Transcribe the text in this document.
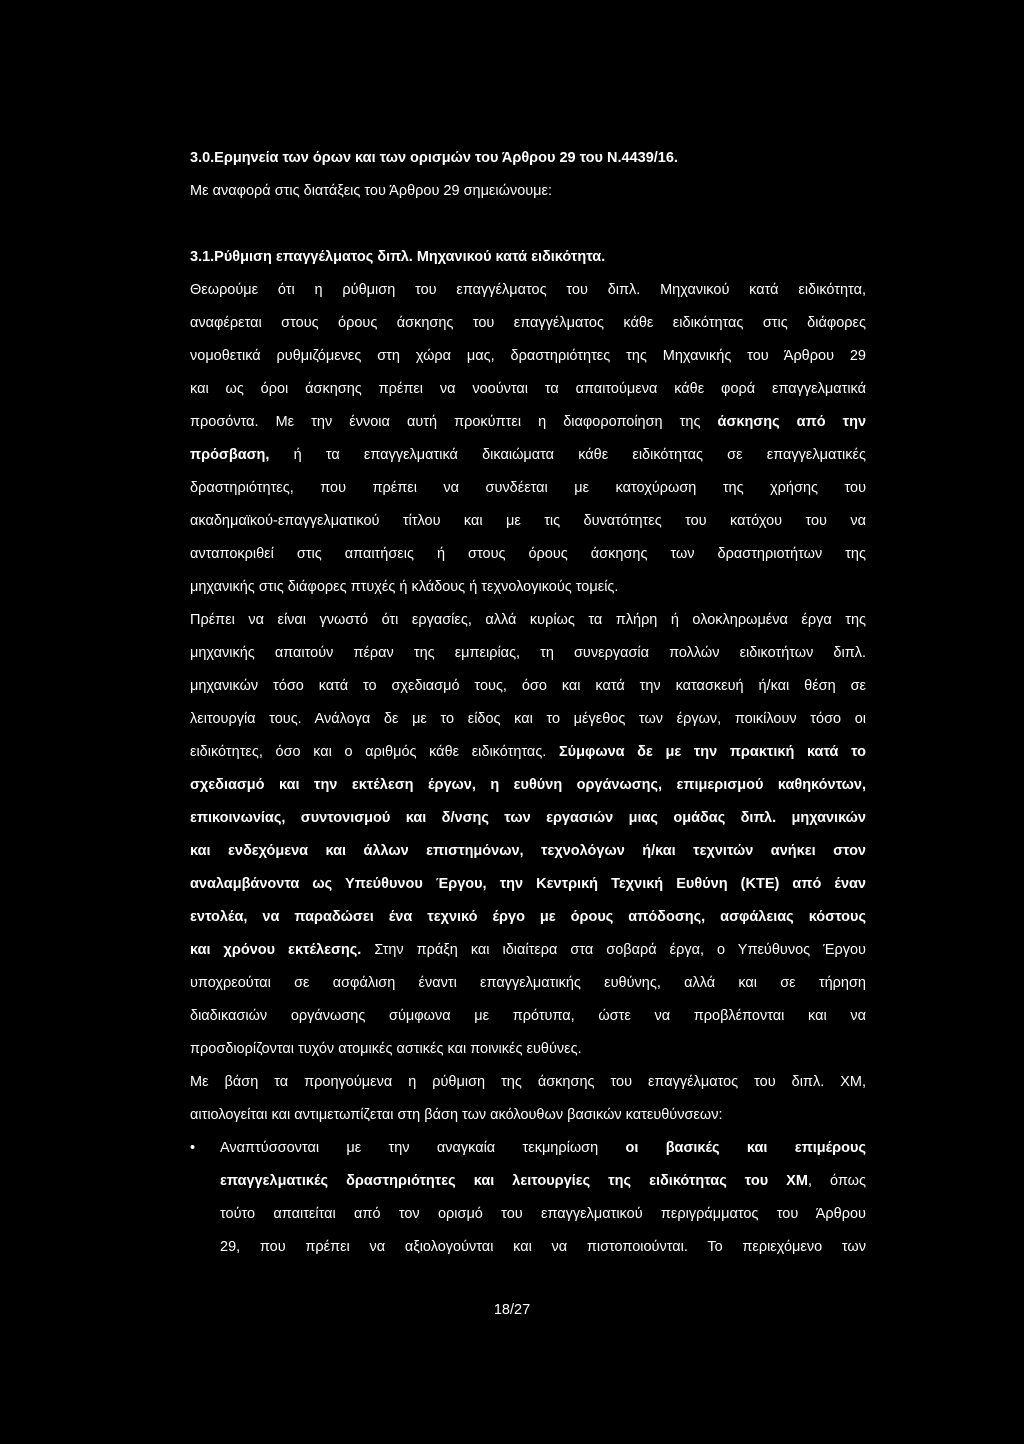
3.0.Ερμηνεία των όρων και των ορισμών του Άρθρου 29 του Ν.4439/16.
Με αναφορά στις διατάξεις του Άρθρου 29 σημειώνουμε:
3.1.Ρύθμιση επαγγέλματος διπλ. Μηχανικού κατά ειδικότητα.
Θεωρούμε ότι η ρύθμιση του επαγγέλματος του διπλ. Μηχανικού κατά ειδικότητα,
αναφέρεται στους όρους άσκησης του επαγγέλματος κάθε ειδικότητας στις διάφορες
νομοθετικά ρυθμιζόμενες στη χώρα μας, δραστηριότητες της Μηχανικής του Άρθρου 29
και ως όροι άσκησης πρέπει να νοούνται τα απαιτούμενα κάθε φορά επαγγελματικά
προσόντα. Με την έννοια αυτή προκύπτει η διαφοροποίηση της άσκησης από την
πρόσβαση, ή τα επαγγελματικά δικαιώματα κάθε ειδικότητας σε επαγγελματικές
δραστηριότητες, που πρέπει να συνδέεται με κατοχύρωση της χρήσης του
ακαδημαϊκού-επαγγελματικού τίτλου και με τις δυνατότητες του κατόχου του να
ανταποκριθεί στις απαιτήσεις ή στους όρους άσκησης των δραστηριοτήτων της
μηχανικής στις διάφορες πτυχές ή κλάδους ή τεχνολογικούς τομείς.
Πρέπει να είναι γνωστό ότι εργασίες, αλλά κυρίως τα πλήρη ή ολοκληρωμένα έργα της
μηχανικής απαιτούν πέραν της εμπειρίας, τη συνεργασία πολλών ειδικοτήτων διπλ.
μηχανικών τόσο κατά το σχεδιασμό τους, όσο και κατά την κατασκευή ή/και θέση σε
λειτουργία τους. Ανάλογα δε με το είδος και το μέγεθος των έργων, ποικίλουν τόσο οι
ειδικότητες, όσο και ο αριθμός κάθε ειδικότητας. Σύμφωνα δε με την πρακτική κατά το
σχεδιασμό και την εκτέλεση έργων, η ευθύνη οργάνωσης, επιμερισμού καθηκόντων,
επικοινωνίας, συντονισμού και δ/νσης των εργασιών μιας ομάδας διπλ. μηχανικών
και ενδεχόμενα και άλλων επιστημόνων, τεχνολόγων ή/και τεχνιτών ανήκει στον
αναλαμβάνοντα ως Υπεύθυνου Έργου, την Κεντρική Τεχνική Ευθύνη (ΚΤΕ) από έναν
εντολέα, να παραδώσει ένα τεχνικό έργο με όρους απόδοσης, ασφάλειας κόστους
και χρόνου εκτέλεσης. Στην πράξη και ιδιαίτερα στα σοβαρά έργα, ο Υπεύθυνος Έργου
υποχρεούται σε ασφάλιση έναντι επαγγελματικής ευθύνης, αλλά και σε τήρηση
διαδικασιών οργάνωσης σύμφωνα με πρότυπα, ώστε να προβλέπονται και να
προσδιορίζονται τυχόν ατομικές αστικές και ποινικές ευθύνες.
Με βάση τα προηγούμενα η ρύθμιση της άσκησης του επαγγέλματος του διπλ. ΧΜ,
αιτιολογείται και αντιμετωπίζεται στη βάση των ακόλουθων βασικών κατευθύνσεων:
• Αναπτύσσονται με την αναγκαία τεκμηρίωση οι βασικές και επιμέρους
επαγγελματικές δραστηριότητες και λειτουργίες της ειδικότητας του ΧΜ, όπως
τούτο απαιτείται από τον ορισμό του επαγγελματικού περιγράμματος του Άρθρου
29, που πρέπει να αξιολογούνται και να πιστοποιούνται. Το περιεχόμενο των
18/27
